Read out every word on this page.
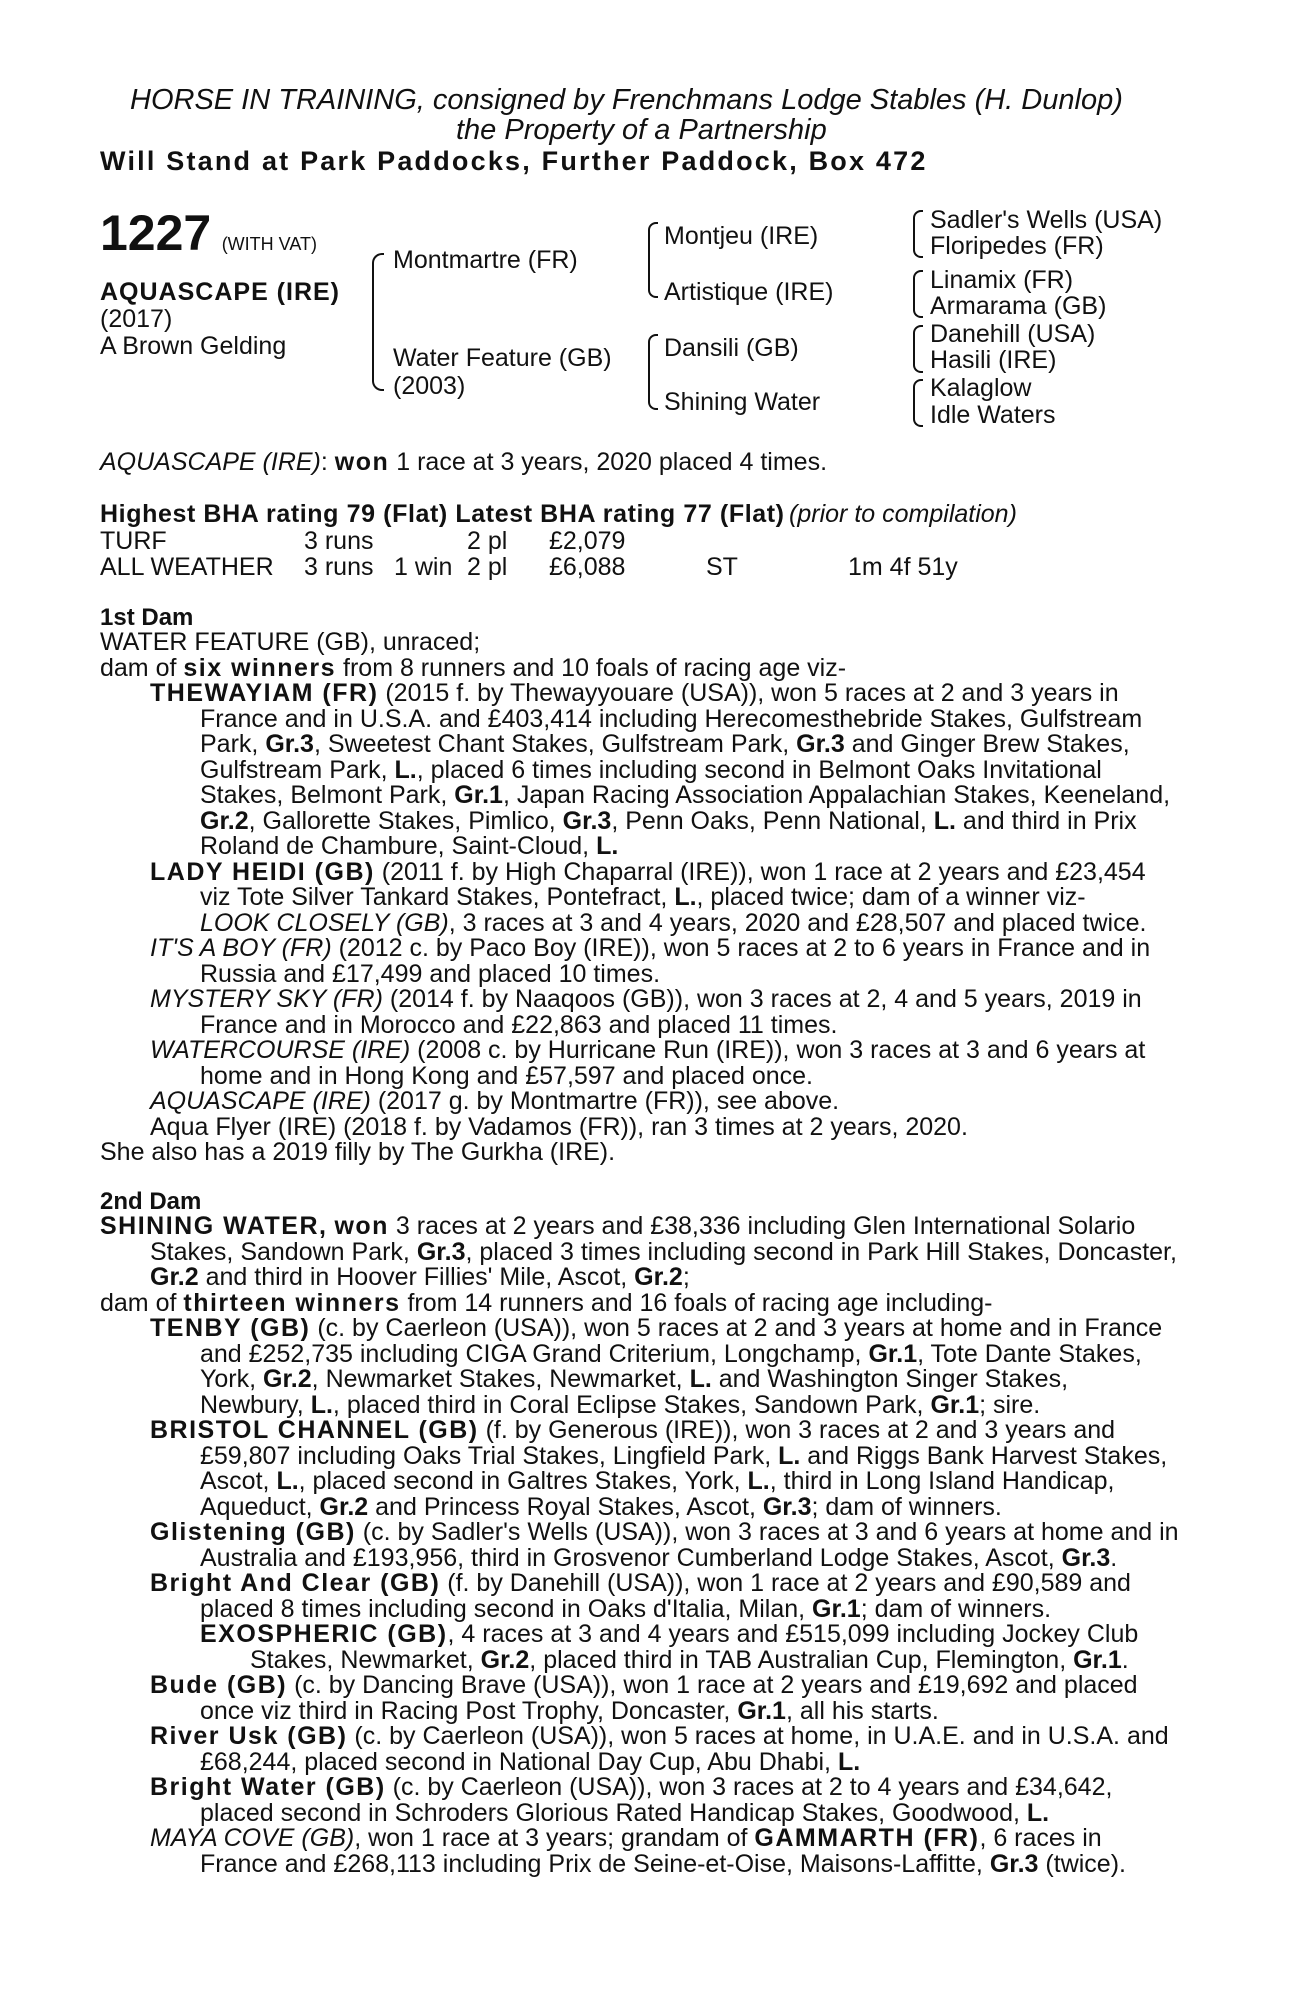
HORSE IN TRAINING, consigned by Frenchmans Lodge Stables (H. Dunlop)
the Property of a Partnership
Will Stand at Park Paddocks, Further Paddock, Box 472
1227 (WITH VAT)
AQUASCAPE (IRE)
(2017)
A Brown Gelding
Montmartre (FR)
Water Feature (GB)
(2003)
Montjeu (IRE)
Artistique (IRE)
Dansili (GB)
Shining Water
Sadler's Wells (USA)
Floripedes (FR)
Linamix (FR)
Armarama (GB)
Danehill (USA)
Hasili (IRE)
Kalaglow
Idle Waters
AQUASCAPE (IRE): won 1 race at 3 years, 2020 placed 4 times.
Highest BHA rating 79 (Flat) Latest BHA rating 77 (Flat) (prior to compilation)
TURF	3 runs	2 pl £2,079
ALL WEATHER 3 runs 1 win 2 pl £6,088	ST	1m 4f 51y
1st Dam
WATER FEATURE (GB), unraced;
dam of six winners from 8 runners and 10 foals of racing age viz-
THEWAYIAM (FR) (2015 f. by Thewayyouare (USA)), won 5 races at 2 and 3 years in
France and in U.S.A. and £403,414 including Herecomesthebride Stakes, Gulfstream
Park, Gr.3, Sweetest Chant Stakes, Gulfstream Park, Gr.3 and Ginger Brew Stakes,
Gulfstream Park, L., placed 6 times including second in Belmont Oaks Invitational
Stakes, Belmont Park, Gr.1, Japan Racing Association Appalachian Stakes, Keeneland,
Gr.2, Gallorette Stakes, Pimlico, Gr.3, Penn Oaks, Penn National, L. and third in Prix
Roland de Chambure, Saint-Cloud, L.
LADY HEIDI (GB) (2011 f. by High Chaparral (IRE)), won 1 race at 2 years and £23,454
viz Tote Silver Tankard Stakes, Pontefract, L., placed twice; dam of a winner viz-
LOOK CLOSELY (GB), 3 races at 3 and 4 years, 2020 and £28,507 and placed twice.
IT'S A BOY (FR) (2012 c. by Paco Boy (IRE)), won 5 races at 2 to 6 years in France and in
Russia and £17,499 and placed 10 times.
MYSTERY SKY (FR) (2014 f. by Naaqoos (GB)), won 3 races at 2, 4 and 5 years, 2019 in
France and in Morocco and £22,863 and placed 11 times.
WATERCOURSE (IRE) (2008 c. by Hurricane Run (IRE)), won 3 races at 3 and 6 years at
home and in Hong Kong and £57,597 and placed once.
AQUASCAPE (IRE) (2017 g. by Montmartre (FR)), see above.
Aqua Flyer (IRE) (2018 f. by Vadamos (FR)), ran 3 times at 2 years, 2020.
She also has a 2019 filly by The Gurkha (IRE).
2nd Dam
SHINING WATER, won 3 races at 2 years and £38,336 including Glen International Solario
Stakes, Sandown Park, Gr.3, placed 3 times including second in Park Hill Stakes, Doncaster,
Gr.2 and third in Hoover Fillies' Mile, Ascot, Gr.2;
dam of thirteen winners from 14 runners and 16 foals of racing age including-
TENBY (GB) (c. by Caerleon (USA)), won 5 races at 2 and 3 years at home and in France
and £252,735 including CIGA Grand Criterium, Longchamp, Gr.1, Tote Dante Stakes,
York, Gr.2, Newmarket Stakes, Newmarket, L. and Washington Singer Stakes,
Newbury, L., placed third in Coral Eclipse Stakes, Sandown Park, Gr.1; sire.
BRISTOL CHANNEL (GB) (f. by Generous (IRE)), won 3 races at 2 and 3 years and
£59,807 including Oaks Trial Stakes, Lingfield Park, L. and Riggs Bank Harvest Stakes,
Ascot, L., placed second in Galtres Stakes, York, L., third in Long Island Handicap,
Aqueduct, Gr.2 and Princess Royal Stakes, Ascot, Gr.3; dam of winners.
Glistening (GB) (c. by Sadler's Wells (USA)), won 3 races at 3 and 6 years at home and in
Australia and £193,956, third in Grosvenor Cumberland Lodge Stakes, Ascot, Gr.3.
Bright And Clear (GB) (f. by Danehill (USA)), won 1 race at 2 years and £90,589 and
placed 8 times including second in Oaks d'Italia, Milan, Gr.1; dam of winners.
EXOSPHERIC (GB), 4 races at 3 and 4 years and £515,099 including Jockey Club
Stakes, Newmarket, Gr.2, placed third in TAB Australian Cup, Flemington, Gr.1.
Bude (GB) (c. by Dancing Brave (USA)), won 1 race at 2 years and £19,692 and placed
once viz third in Racing Post Trophy, Doncaster, Gr.1, all his starts.
River Usk (GB) (c. by Caerleon (USA)), won 5 races at home, in U.A.E. and in U.S.A. and
£68,244, placed second in National Day Cup, Abu Dhabi, L.
Bright Water (GB) (c. by Caerleon (USA)), won 3 races at 2 to 4 years and £34,642,
placed second in Schroders Glorious Rated Handicap Stakes, Goodwood, L.
MAYA COVE (GB), won 1 race at 3 years; grandam of GAMMARTH (FR), 6 races in
France and £268,113 including Prix de Seine-et-Oise, Maisons-Laffitte, Gr.3 (twice).
